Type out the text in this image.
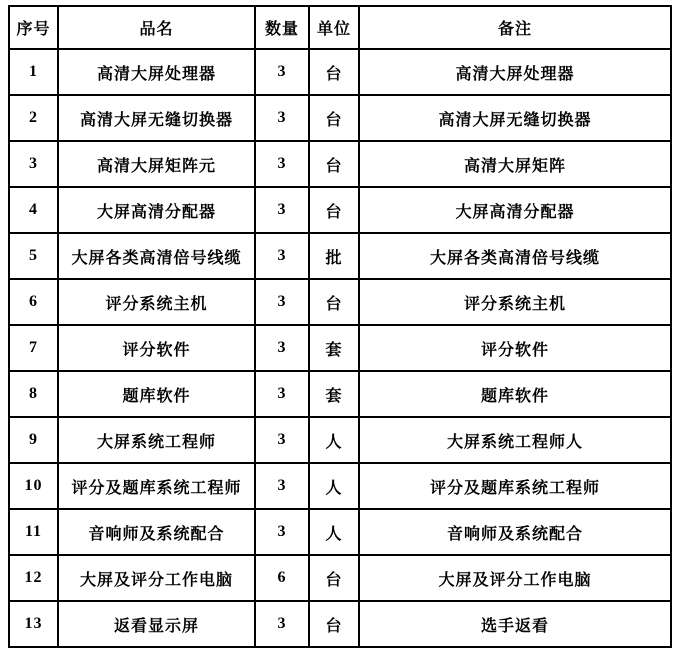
序号	品名	数量	单位	备注
1	高清大屏处理器	3	台	高清大屏处理器
2	高清大屏无缝切换器	3	台	高清大屏无缝切换器
3	高清大屏矩阵元	3	台	高清大屏矩阵
4	大屏高清分配器	3	台	大屏高清分配器
5	大屏各类高清倍号线缆	3	批	大屏各类高清倍号线缆
6	评分系统主机	3	台	评分系统主机
7	评分软件	3	套	评分软件
8	题库软件	3	套	题库软件
9	大屏系统工程师	3	人	大屏系统工程师人
10	评分及题库系统工程师	3	人	评分及题库系统工程师
11	音响师及系统配合	3	人	音响师及系统配合
12	大屏及评分工作电脑	6	台	大屏及评分工作电脑
13	返看显示屏	3	台	选手返看
